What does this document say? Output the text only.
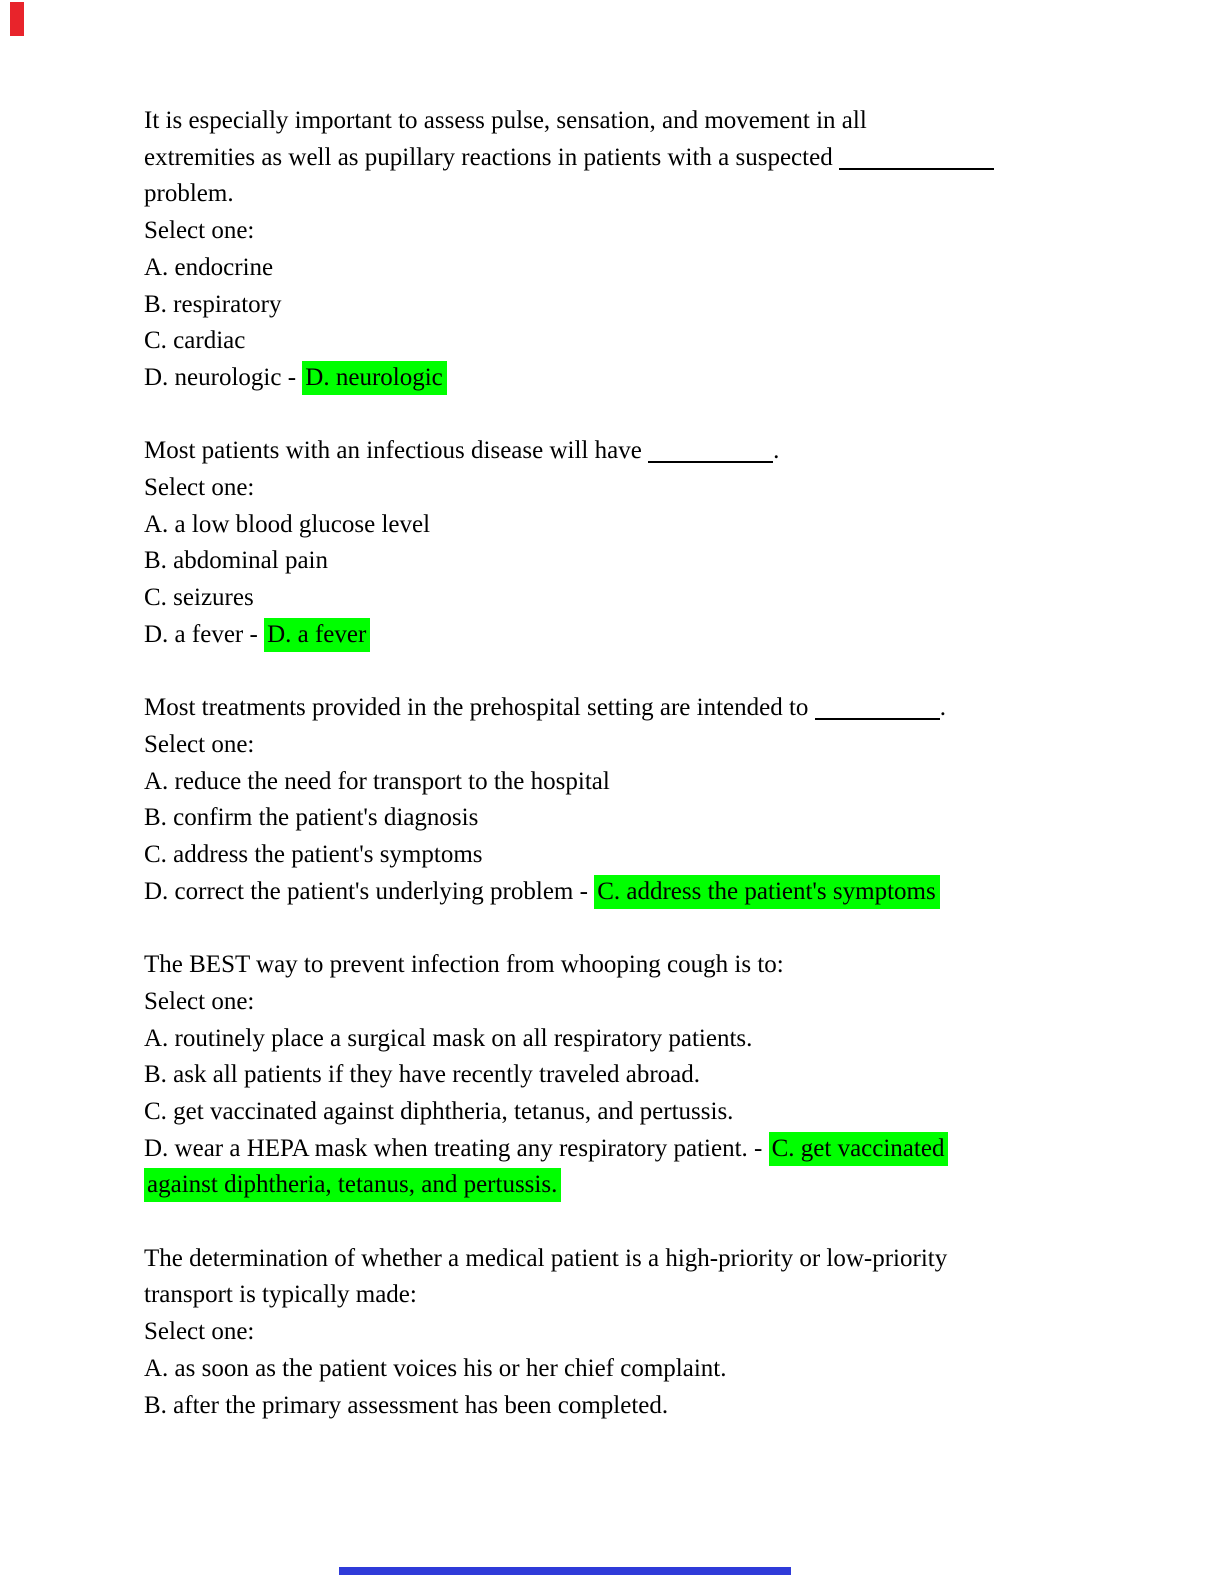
It is especially important to assess pulse, sensation, and movement in all
extremities as well as pupillary reactions in patients with a suspected
problem.
Select one:
A. endocrine
B. respiratory
C. cardiac
D. neurologic - D. neurologic
Most patients with an infectious disease will have	.
Select one:
A. a low blood glucose level
B. abdominal pain
C. seizures
D. a fever - D. a fever
Most treatments provided in the prehospital setting are intended to	.
Select one:
A. reduce the need for transport to the hospital
B. confirm the patient's diagnosis
C. address the patient's symptoms
D. correct the patient's underlying problem - C. address the patient's symptoms
The BEST way to prevent infection from whooping cough is to:
Select one:
A. routinely place a surgical mask on all respiratory patients.
B. ask all patients if they have recently traveled abroad.
C. get vaccinated against diphtheria, tetanus, and pertussis.
D. wear a HEPA mask when treating any respiratory patient. - C. get vaccinated
against diphtheria, tetanus, and pertussis.
The determination of whether a medical patient is a high-priority or low-priority
transport is typically made:
Select one:
A. as soon as the patient voices his or her chief complaint.
B. after the primary assessment has been completed.
